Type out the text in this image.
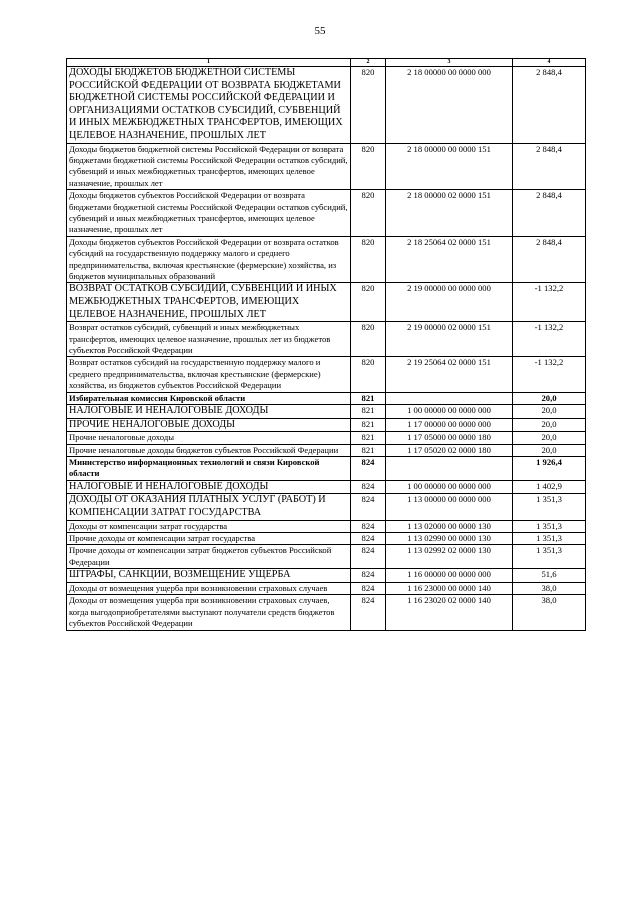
55
1	2	3	4
ДОХОДЫ БЮДЖЕТОВ БЮДЖЕТНОЙ СИСТЕМЫ РОССИЙСКОЙ ФЕДЕРАЦИИ ОТ ВОЗВРАТА БЮДЖЕТАМИ БЮДЖЕТНОЙ СИСТЕМЫ РОССИЙСКОЙ ФЕДЕРАЦИИ И ОРГАНИЗАЦИЯМИ ОСТАТКОВ СУБСИДИЙ, СУБВЕНЦИЙ И ИНЫХ МЕЖБЮДЖЕТНЫХ ТРАНСФЕРТОВ, ИМЕЮЩИХ ЦЕЛЕВОЕ НАЗНАЧЕНИЕ, ПРОШЛЫХ ЛЕТ	820	2 18 00000 00 0000 000	2 848,4
Доходы бюджетов бюджетной системы Российской Федерации от возврата бюджетами бюджетной системы Российской Федерации остатков субсидий, субвенций и иных межбюджетных трансфертов, имеющих целевое назначение, прошлых лет	820	2 18 00000 00 0000 151	2 848,4
Доходы бюджетов субъектов Российской Федерации от возврата бюджетами бюджетной системы Российской Федерации остатков субсидий, субвенций и иных межбюджетных трансфертов, имеющих целевое назначение, прошлых лет	820	2 18 00000 02 0000 151	2 848,4
Доходы бюджетов субъектов Российской Федерации от возврата остатков субсидий на государственную поддержку малого и среднего предпринимательства, включая крестьянские (фермерские) хозяйства, из бюджетов муниципальных образований	820	2 18 25064 02 0000 151	2 848,4
ВОЗВРАТ ОСТАТКОВ СУБСИДИЙ, СУБВЕНЦИЙ И ИНЫХ МЕЖБЮДЖЕТНЫХ ТРАНСФЕРТОВ, ИМЕЮЩИХ ЦЕЛЕВОЕ НАЗНАЧЕНИЕ, ПРОШЛЫХ ЛЕТ	820	2 19 00000 00 0000 000	-1 132,2
Возврат остатков субсидий, субвенций и иных межбюджетных трансфертов, имеющих целевое назначение, прошлых лет из бюджетов субъектов Российской Федерации	820	2 19 00000 02 0000 151	-1 132,2
Возврат остатков субсидий на государственную поддержку малого и среднего предпринимательства, включая крестьянские (фермерские) хозяйства, из бюджетов субъектов Российской Федерации	820	2 19 25064 02 0000 151	-1 132,2
Избирательная комиссия Кировской области	821		20,0
НАЛОГОВЫЕ И НЕНАЛОГОВЫЕ ДОХОДЫ	821	1 00 00000 00 0000 000	20,0
ПРОЧИЕ НЕНАЛОГОВЫЕ ДОХОДЫ	821	1 17 00000 00 0000 000	20,0
Прочие неналоговые доходы	821	1 17 05000 00 0000 180	20,0
Прочие неналоговые доходы бюджетов субъектов Российской Федерации	821	1 17 05020 02 0000 180	20,0
Министерство информационных технологий и связи Кировской области	824		1 926,4
НАЛОГОВЫЕ И НЕНАЛОГОВЫЕ ДОХОДЫ	824	1 00 00000 00 0000 000	1 402,9
ДОХОДЫ ОТ ОКАЗАНИЯ ПЛАТНЫХ УСЛУГ (РАБОТ) И КОМПЕНСАЦИИ ЗАТРАТ ГОСУДАРСТВА	824	1 13 00000 00 0000 000	1 351,3
Доходы от компенсации затрат государства	824	1 13 02000 00 0000 130	1 351,3
Прочие доходы от компенсации затрат государства	824	1 13 02990 00 0000 130	1 351,3
Прочие доходы от компенсации затрат бюджетов субъектов Российской Федерации	824	1 13 02992 02 0000 130	1 351,3
ШТРАФЫ, САНКЦИИ, ВОЗМЕЩЕНИЕ УЩЕРБА	824	1 16 00000 00 0000 000	51,6
Доходы от возмещения ущерба при возникновении страховых случаев	824	1 16 23000 00 0000 140	38,0
Доходы от возмещения ущерба при возникновении страховых случаев, когда выгодоприобретателями выступают получатели средств бюджетов субъектов Российской Федерации	824	1 16 23020 02 0000 140	38,0
